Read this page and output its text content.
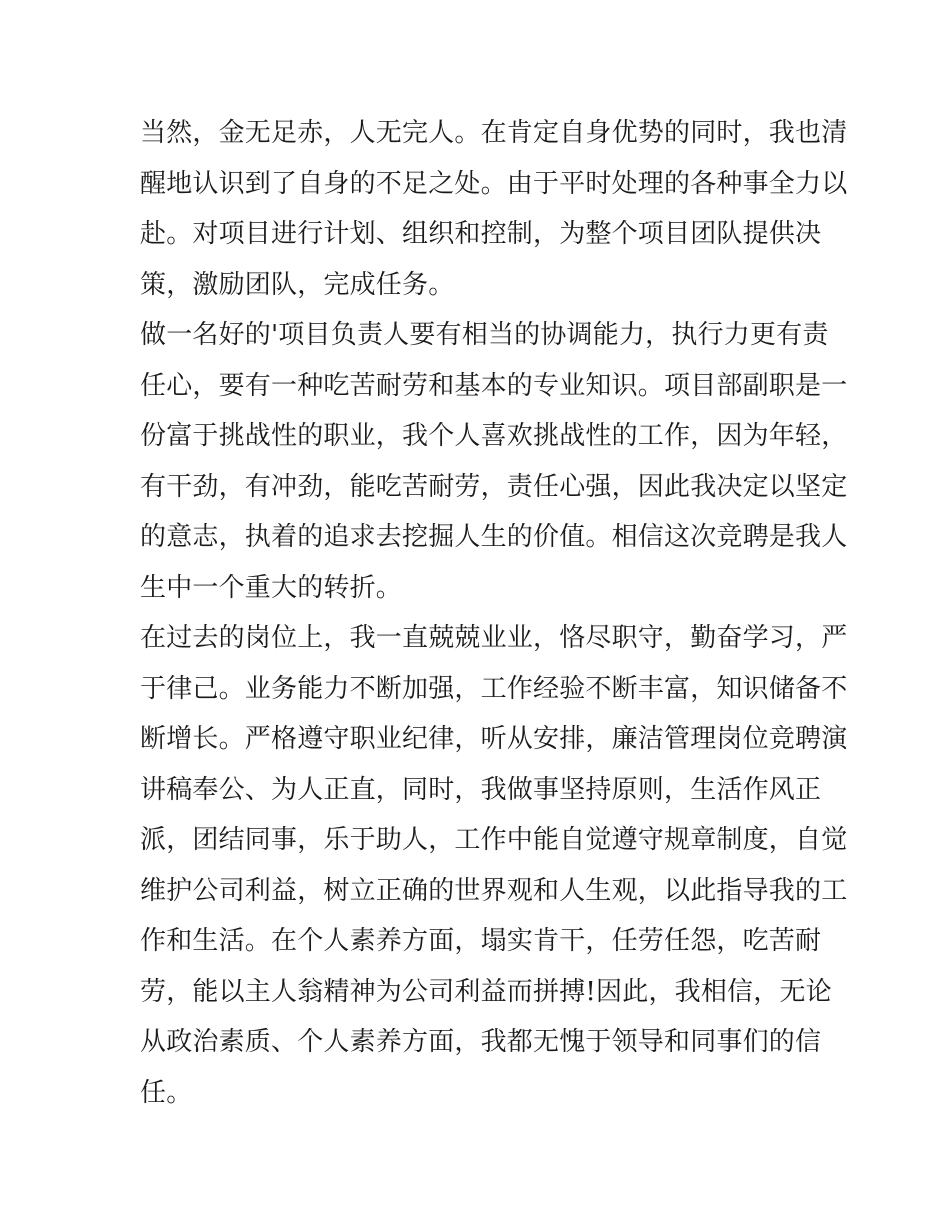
当然，金无足赤，人无完人。在肯定自身优势的同时，我也清
醒地认识到了自身的不足之处。由于平时处理的各种事全力以
赴。对项目进行计划、组织和控制，为整个项目团队提供决
策，激励团队，完成任务。
做一名好的'项目负责人要有相当的协调能力，执行力更有责
任心，要有一种吃苦耐劳和基本的专业知识。项目部副职是一
份富于挑战性的职业，我个人喜欢挑战性的工作，因为年轻，
有干劲，有冲劲，能吃苦耐劳，责任心强，因此我决定以坚定
的意志，执着的追求去挖掘人生的价值。相信这次竞聘是我人
生中一个重大的转折。
在过去的岗位上，我一直兢兢业业，恪尽职守，勤奋学习，严
于律己。业务能力不断加强，工作经验不断丰富，知识储备不
断增长。严格遵守职业纪律，听从安排，廉洁管理岗位竞聘演
讲稿奉公、为人正直，同时，我做事坚持原则，生活作风正
派，团结同事，乐于助人，工作中能自觉遵守规章制度，自觉
维护公司利益，树立正确的世界观和人生观，以此指导我的工
作和生活。在个人素养方面，塌实肯干，任劳任怨，吃苦耐
劳，能以主人翁精神为公司利益而拼搏!因此，我相信，无论
从政治素质、个人素养方面，我都无愧于领导和同事们的信
任。
